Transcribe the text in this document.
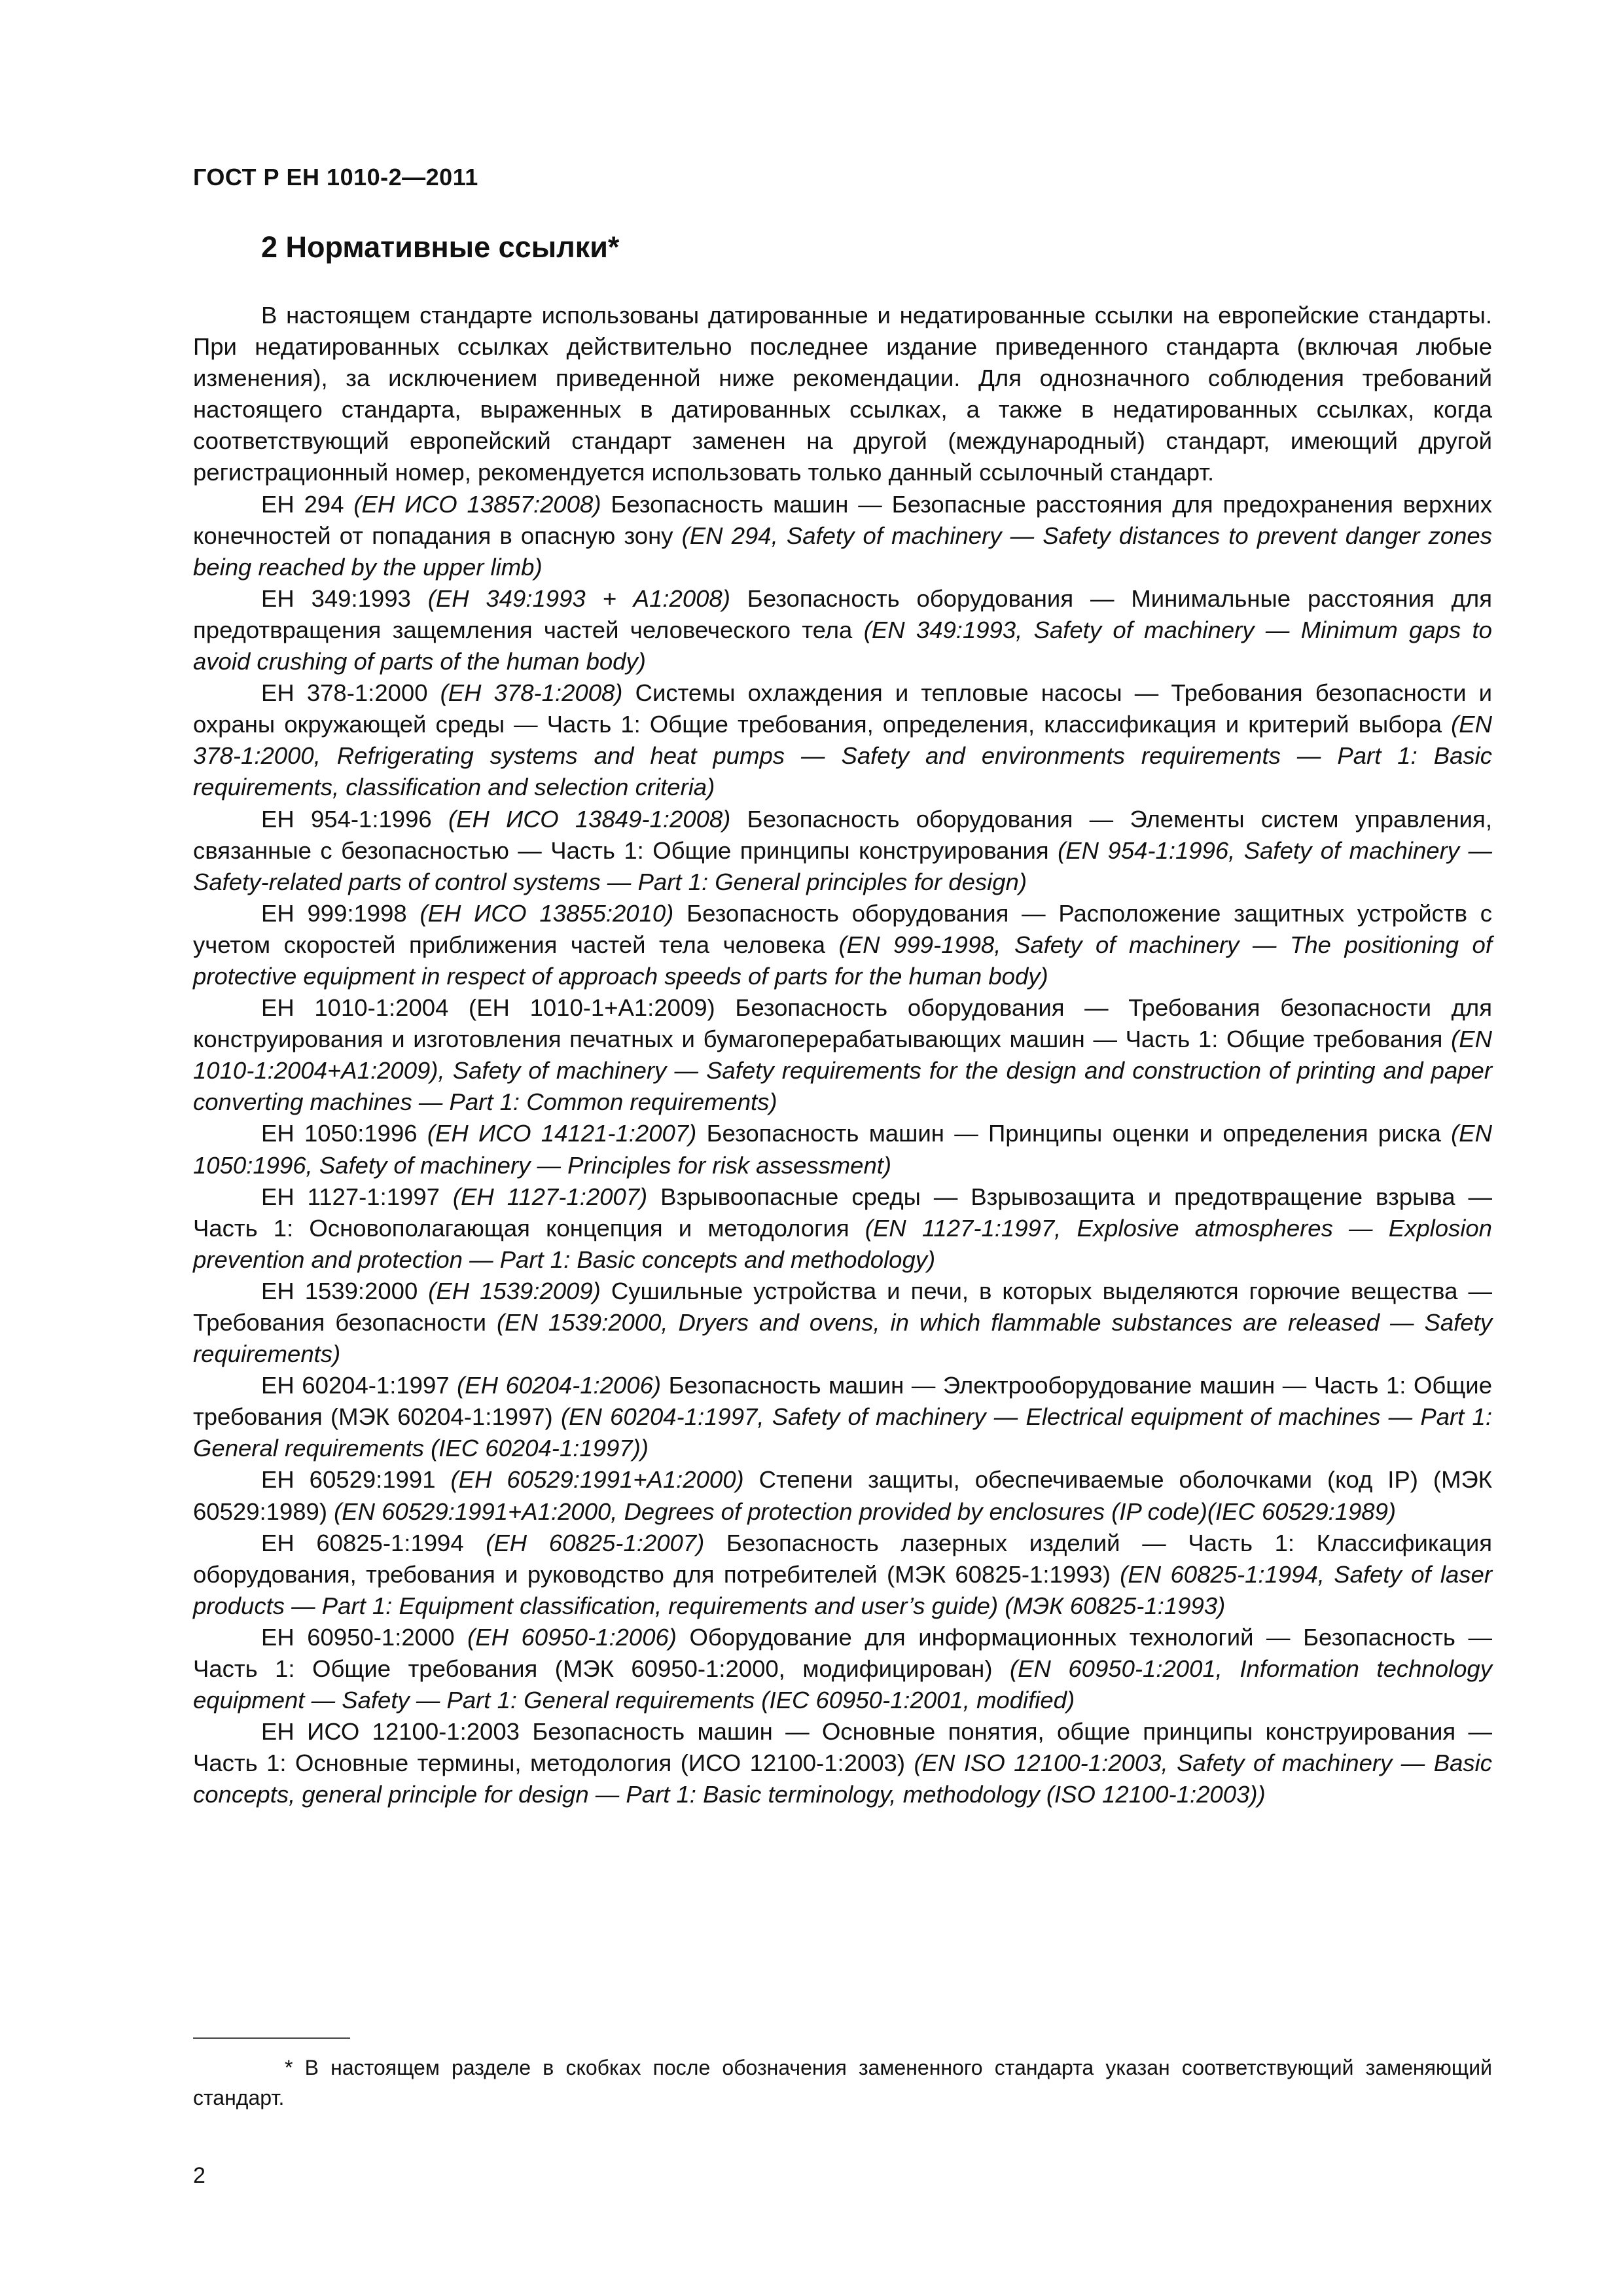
ГОСТ Р ЕН 1010-2—2011
2 Нормативные ссылки*

В настоящем стандарте использованы датированные и недатированные ссылки на европейские стандарты. При недатированных ссылках действительно последнее издание приведенного стандарта (включая любые изменения), за исключением приведенной ниже рекомендации. Для однозначного соблюдения требований настоящего стандарта, выраженных в датированных ссылках, а также в недатированных ссылках, когда соответствующий европейский стандарт заменен на другой (международный) стандарт, имеющий другой регистрационный номер, рекомендуется использовать только данный ссылочный стандарт.

ЕН 294 (ЕН ИСО 13857:2008) Безопасность машин — Безопасные расстояния для предохранения верхних конечностей от попадания в опасную зону (EN 294, Safety of machinery — Safety distances to prevent danger zones being reached by the upper limb)

ЕН 349:1993 (ЕН 349:1993 + А1:2008) Безопасность оборудования — Минимальные расстояния для предотвращения защемления частей человеческого тела (EN 349:1993, Safety of machinery — Minimum gaps to avoid crushing of parts of the human body)

ЕН 378-1:2000 (ЕН 378-1:2008) Системы охлаждения и тепловые насосы — Требования безопасности и охраны окружающей среды — Часть 1: Общие требования, определения, классификация и критерий выбора (EN 378-1:2000, Refrigerating systems and heat pumps — Safety and environments requirements — Part 1: Basic requirements, classification and selection criteria)

ЕН 954-1:1996 (ЕН ИСО 13849-1:2008) Безопасность оборудования — Элементы систем управления, связанные с безопасностью — Часть 1: Общие принципы конструирования (EN 954-1:1996, Safety of machinery — Safety-related parts of control systems — Part 1: General principles for design)

ЕН 999:1998 (ЕН ИСО 13855:2010) Безопасность оборудования — Расположение защитных устройств с учетом скоростей приближения частей тела человека (EN 999-1998, Safety of machinery — The positioning of protective equipment in respect of approach speeds of parts for the human body)

ЕН 1010-1:2004 (ЕН 1010-1+А1:2009) Безопасность оборудования — Требования безопасности для конструирования и изготовления печатных и бумагоперерабатывающих машин — Часть 1: Общие требования (EN 1010-1:2004+A1:2009), Safety of machinery — Safety requirements for the design and construction of printing and paper converting machines — Part 1: Common requirements)

ЕН 1050:1996 (ЕН ИСО 14121-1:2007) Безопасность машин — Принципы оценки и определения риска (EN 1050:1996, Safety of machinery — Principles for risk assessment)

ЕН 1127-1:1997 (ЕН 1127-1:2007) Взрывоопасные среды — Взрывозащита и предотвращение взрыва — Часть 1: Основополагающая концепция и методология (EN 1127-1:1997, Explosive atmospheres — Explosion prevention and protection — Part 1: Basic concepts and methodology)

ЕН 1539:2000 (ЕН 1539:2009) Сушильные устройства и печи, в которых выделяются горючие вещества — Требования безопасности (EN 1539:2000, Dryers and ovens, in which flammable substances are released — Safety requirements)

ЕН 60204-1:1997 (ЕН 60204-1:2006) Безопасность машин — Электрооборудование машин — Часть 1: Общие требования (МЭК 60204-1:1997) (EN 60204-1:1997, Safety of machinery — Electrical equipment of machines — Part 1: General requirements (IEC 60204-1:1997))

ЕН 60529:1991 (ЕН 60529:1991+А1:2000) Степени защиты, обеспечиваемые оболочками (код IP) (МЭК 60529:1989) (EN 60529:1991+A1:2000, Degrees of protection provided by enclosures (IP code)(IEC 60529:1989)

ЕН 60825-1:1994 (ЕН 60825-1:2007) Безопасность лазерных изделий — Часть 1: Классификация оборудования, требования и руководство для потребителей (МЭК 60825-1:1993) (EN 60825-1:1994, Safety of laser products — Part 1: Equipment classification, requirements and user’s guide) (МЭК 60825-1:1993)

ЕН 60950-1:2000 (ЕН 60950-1:2006) Оборудование для информационных технологий — Безопасность — Часть 1: Общие требования (МЭК 60950-1:2000, модифицирован) (EN 60950-1:2001, Information technology equipment — Safety — Part 1: General requirements (IEC 60950-1:2001, modified)

ЕН ИСО 12100-1:2003 Безопасность машин — Основные понятия, общие принципы конструирования — Часть 1: Основные термины, методология (ИСО 12100-1:2003) (EN ISO 12100-1:2003, Safety of machinery — Basic concepts, general principle for design — Part 1: Basic terminology, methodology (ISO 12100-1:2003))

* В настоящем разделе в скобках после обозначения замененного стандарта указан соответствующий заменяющий стандарт.

2
